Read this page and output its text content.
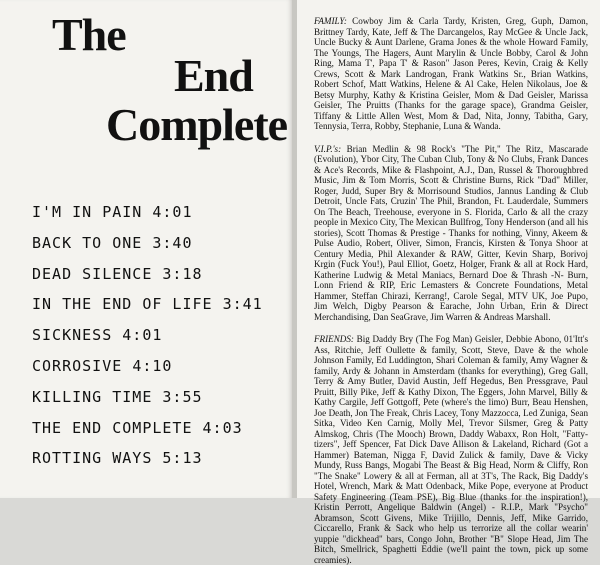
The
End
Complete
I'M IN PAIN 4:01
BACK TO ONE 3:40
DEAD SILENCE 3:18
IN THE END OF LIFE 3:41
SICKNESS 4:01
CORROSIVE 4:10
KILLING TIME 3:55
THE END COMPLETE 4:03
ROTTING WAYS 5:13

FAMILY: Cowboy Jim & Carla Tardy, Kristen, Greg, Guph, Damon, Brittney Tardy, Kate, Jeff & The Darcangelos, Ray McGee & Uncle Jack, Uncle Bucky & Aunt Darlene, Grama Jones & the whole Howard Family, The Youngs, The Hagers, Aunt Marylin & Uncle Bobby, Carol & John Ring, Mama T', Papa T' & Rason" Jason Peres, Kevin, Craig & Kelly Crews, Scott & Mark Landrogan, Frank Watkins Sr., Brian Watkins, Robert Schof, Matt Watkins, Helene & Al Cake, Helen Nikolaus, Joe & Betsy Murphy, Kathy & Kristina Geisler, Mom & Dad Geisler, Marissa Geisler, The Pruitts (Thanks for the garage space), Grandma Geisler, Tiffany & Little Allen West, Mom & Dad, Nita, Jonny, Tabitha, Gary, Tennysia, Terra, Robby, Stephanie, Luna & Wanda.

V.I.P.'s: Brian Medlin & 98 Rock's "The Pit," The Ritz, Mascarade (Evolution), Ybor City, The Cuban Club, Tony & No Clubs, Frank Dances & Ace's Records, Mike & Flashpoint, A.J., Dan, Russel & Thoroughbred Music, Jim & Tom Morris, Scott & Christine Burns, Rick "Dad" Miller, Roger, Judd, Super Bry & Morrisound Studios, Jannus Landing & Club Detroit, Uncle Fats, Cruzin' The Phil, Brandon, Ft. Lauderdale, Summers On The Beach, Treehouse, everyone in S. Florida, Carlo & all the crazy people in Mexico City, The Mexican Bullfrog, Tony Henderson (and all his stories), Scott Thomas & Prestige - Thanks for nothing, Vinny, Akeem & Pulse Audio, Robert, Oliver, Simon, Francis, Kirsten & Tonya Shoor at Century Media, Phil Alexander & RAW, Gitter, Kevin Sharp, Borivoj Krgin (Fuck You!), Paul Elliot, Goetz, Holger, Frank & all at Rock Hard, Katherine Ludwig & Metal Maniacs, Bernard Doe & Thrash -N- Burn, Lonn Friend & RIP, Eric Lemasters & Concrete Foundations, Metal Hammer, Steffan Chirazi, Kerrang!, Carole Segal, MTV UK, Joe Pupo, Jim Welch, Digby Pearson & Earache, John Urban, Erin & Direct Merchandising, Dan SeaGrave, Jim Warren & Andreas Marshall.

FRIENDS: Big Daddy Bry (The Fog Man) Geisler, Debbie Abono, 01'Itt's Ass, Ritchie, Jeff Oullette & family, Scott, Steve, Dave & the whole Johnson Family, Ed Luddington, Shari Coleman & family, Amy Wagner & family, Ardy & Johann in Amsterdam (thanks for everything), Greg Gall, Terry & Amy Butler, David Austin, Jeff Hegedus, Ben Pressgrave, Paul Pruitt, Billy Pike, Jeff & Kathy Dixon, The Eggers, John Marvel, Billy & Kathy Cargile, Jeff Gottgoff, Pete (where's the limo) Burr, Beau Henshen, Joe Death, Jon The Freak, Chris Lacey, Tony Mazzocca, Led Zuniga, Sean Sitka, Video Ken Carnig, Molly Mel, Trevor Silsmer, Greg & Patty Almskog, Chris (The Mooch) Brown, Daddy Wabaxx, Ron Holt, "Fatty-tizers", Jeff Spencer, Fat Dick Dave Allison & Lakeland, Richard (Got a Hammer) Bateman, Nigga F, David Zulick & family, Dave & Vicky Mundy, Russ Bangs, Mogabi The Beast & Big Head, Norm & Cliffy, Ron "The Snake" Lowery & all at Ferman, all at 3T's, The Rack, Big Daddy's Hotel, Wrench, Mark & Matt Odenback, Mike Pope, everyone at Product Safety Engineering (Team PSE), Big Blue (thanks for the inspiration!), Kristin Perrott, Angelique Baldwin (Angel) - R.I.P., Mark "Psycho" Abramson, Scott Givens, Mike Trijillo, Dennis, Jeff, Mike Garrido, Ciccarello, Frank & Sack who help us terrorize all the collar wearin' yuppie "dickhead" bars, Congo John, Brother "B" Slope Head, Jim The Bitch, Smellrick, Spaghetti Eddie (we'll paint the town, pick up some creamies).
